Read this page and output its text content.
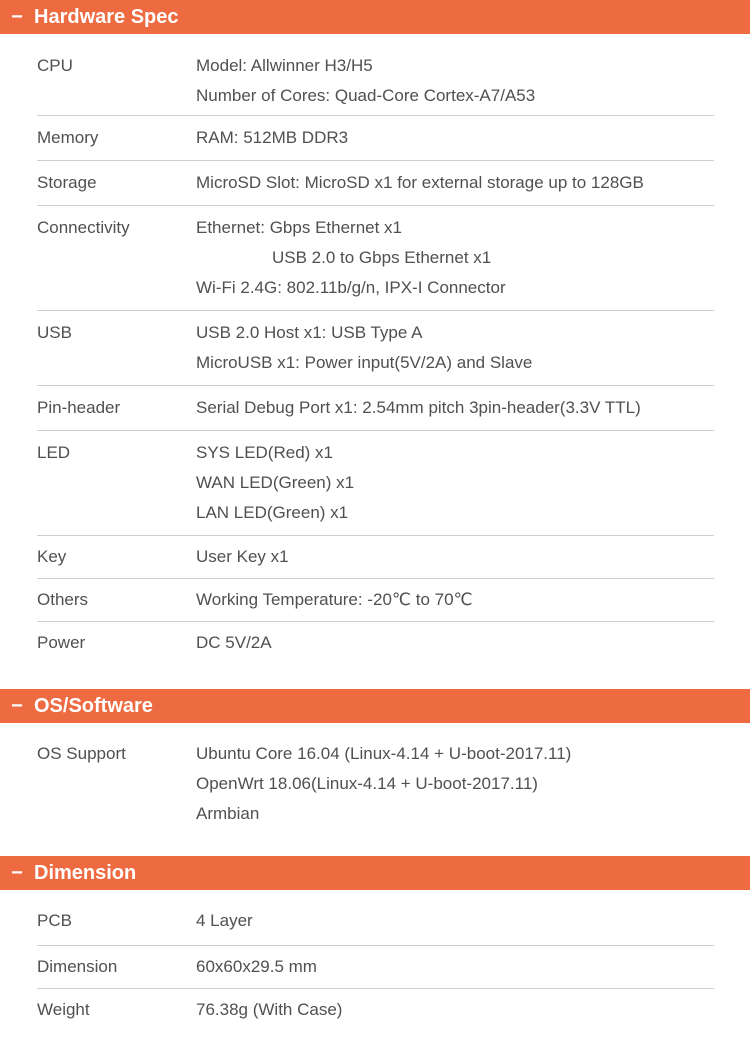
− Hardware Spec
CPU	Model: Allwinner H3/H5
Number of Cores: Quad-Core Cortex-A7/A53
Memory	RAM: 512MB DDR3
Storage	MicroSD Slot: MicroSD x1 for external storage up to 128GB
Connectivity	Ethernet: Gbps Ethernet x1
USB 2.0 to Gbps Ethernet x1
Wi-Fi 2.4G: 802.11b/g/n, IPX-I Connector
USB	USB 2.0 Host x1: USB Type A
MicroUSB x1: Power input(5V/2A) and Slave
Pin-header	Serial Debug Port x1: 2.54mm pitch 3pin-header(3.3V TTL)
LED	SYS LED(Red) x1
WAN LED(Green) x1
LAN LED(Green) x1
Key	User Key x1
Others	Working Temperature: -20℃ to 70℃
Power	DC 5V/2A
− OS/Software
OS Support	Ubuntu Core 16.04 (Linux-4.14 + U-boot-2017.11)
OpenWrt 18.06(Linux-4.14 + U-boot-2017.11)
Armbian
− Dimension
PCB	4 Layer
Dimension	60x60x29.5 mm
Weight	76.38g (With Case)
